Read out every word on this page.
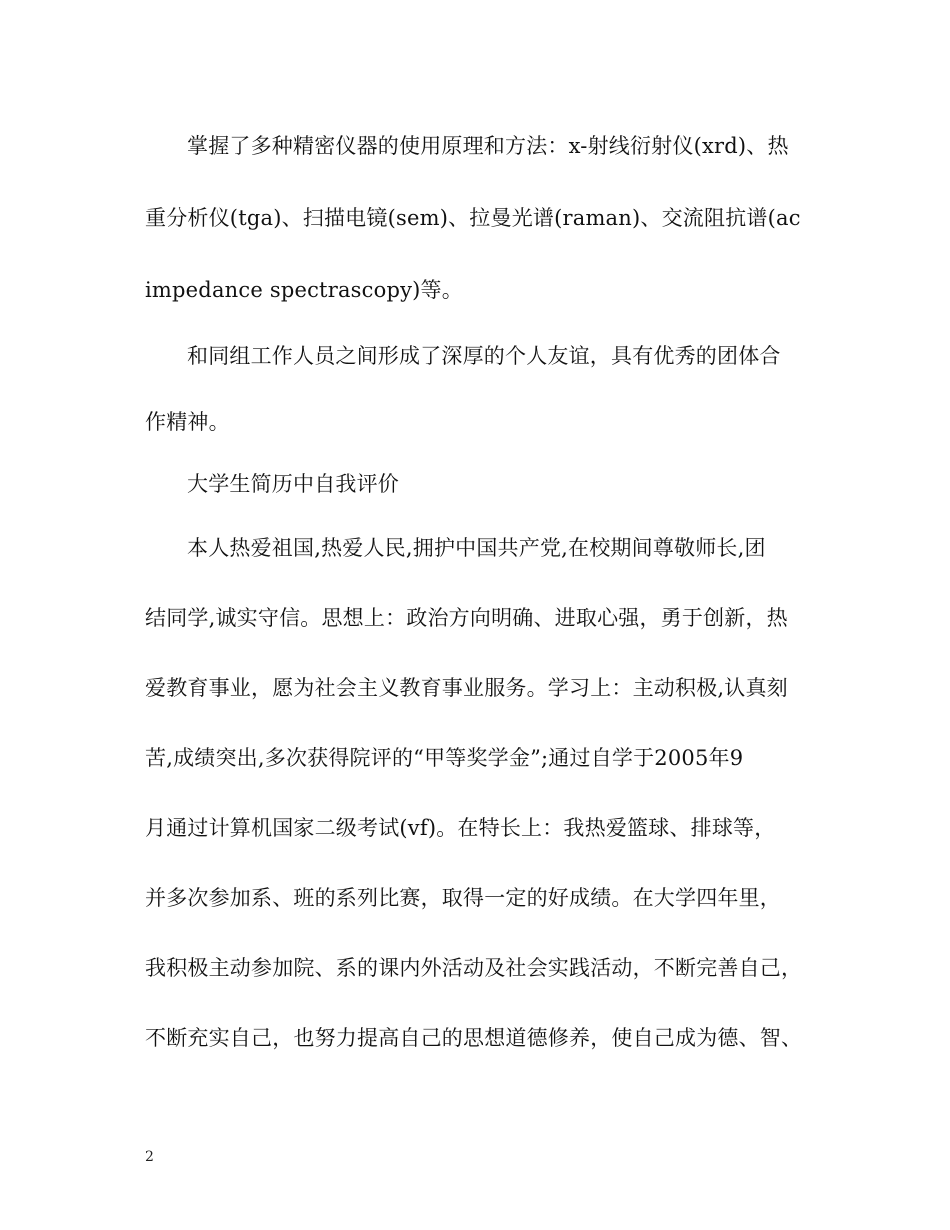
掌握了多种精密仪器的使用原理和方法：x-射线衍射仪(xrd)、热
重分析仪(tga)、扫描电镜(sem)、拉曼光谱(raman)、交流阻抗谱(ac
impedance spectrascopy)等。
和同组工作人员之间形成了深厚的个人友谊，具有优秀的团体合
作精神。
大学生简历中自我评价
本人热爱祖国,热爱人民,拥护中国共产党,在校期间尊敬师长,团
结同学,诚实守信。思想上：政治方向明确、进取心强，勇于创新，热
爱教育事业，愿为社会主义教育事业服务。学习上：主动积极,认真刻
苦,成绩突出,多次获得院评的“甲等奖学金”;通过自学于2005年9
月通过计算机国家二级考试(vf)。在特长上：我热爱篮球、排球等，
并多次参加系、班的系列比赛，取得一定的好成绩。在大学四年里，
我积极主动参加院、系的课内外活动及社会实践活动，不断完善自己，
不断充实自己，也努力提高自己的思想道德修养，使自己成为德、智、
2
